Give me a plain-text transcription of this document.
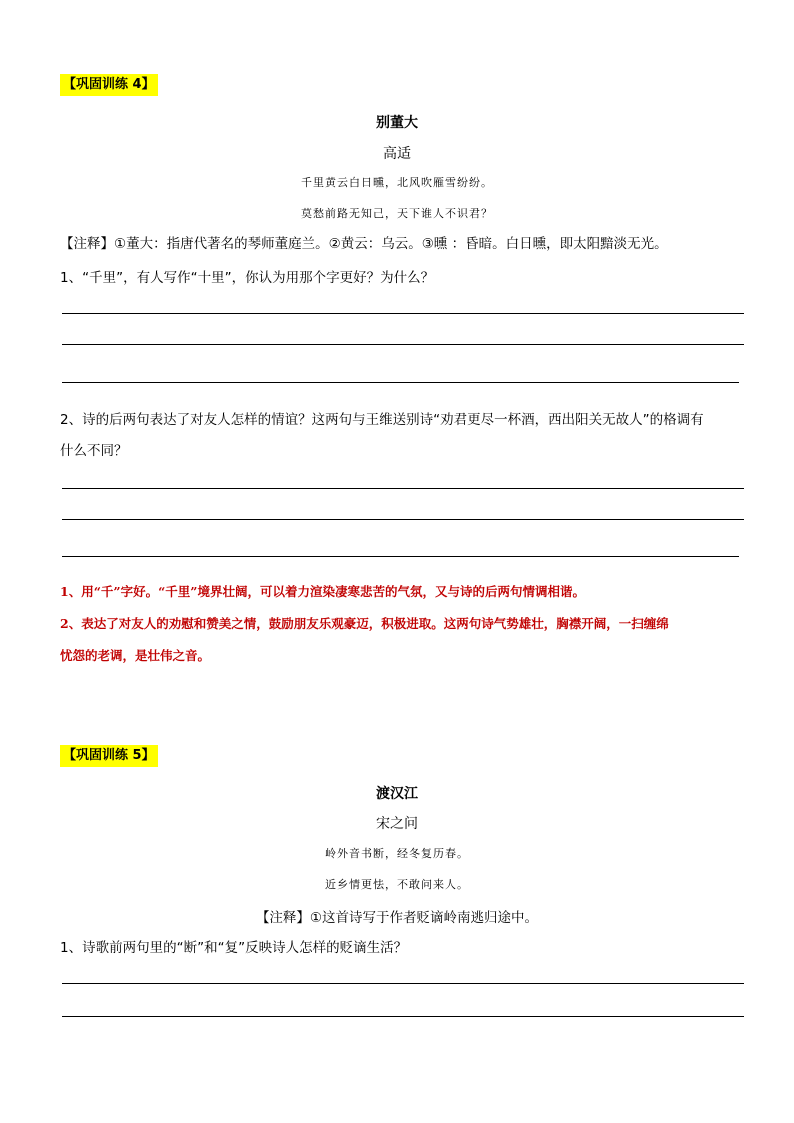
【巩固训练 4】
别董大
高适
千里黄云白日曛，北风吹雁雪纷纷。
莫愁前路无知己，天下谁人不识君？
【注释】①董大：指唐代著名的琴师董庭兰。②黄云：乌云。③曛 ：昏暗。白日曛，即太阳黯淡无光。
1、“千里”，有人写作“十里”，你认为用那个字更好？为什么？
2、诗的后两句表达了对友人怎样的情谊？这两句与王维送别诗“劝君更尽一杯酒，西出阳关无故人”的格调有
什么不同？
1、用“千”字好。“千里”境界壮阔，可以着力渲染凄寒悲苦的气氛，又与诗的后两句情调相谐。
2、表达了对友人的劝慰和赞美之情，鼓励朋友乐观豪迈，积极进取。这两句诗气势雄壮，胸襟开阔，一扫缠绵
忧怨的老调，是壮伟之音。
【巩固训练 5】
渡汉江
宋之问
岭外音书断，经冬复历春。
近乡情更怯，不敢问来人。
【注释】①这首诗写于作者贬谪岭南逃归途中。
1、诗歌前两句里的“断”和“复”反映诗人怎样的贬谪生活？
